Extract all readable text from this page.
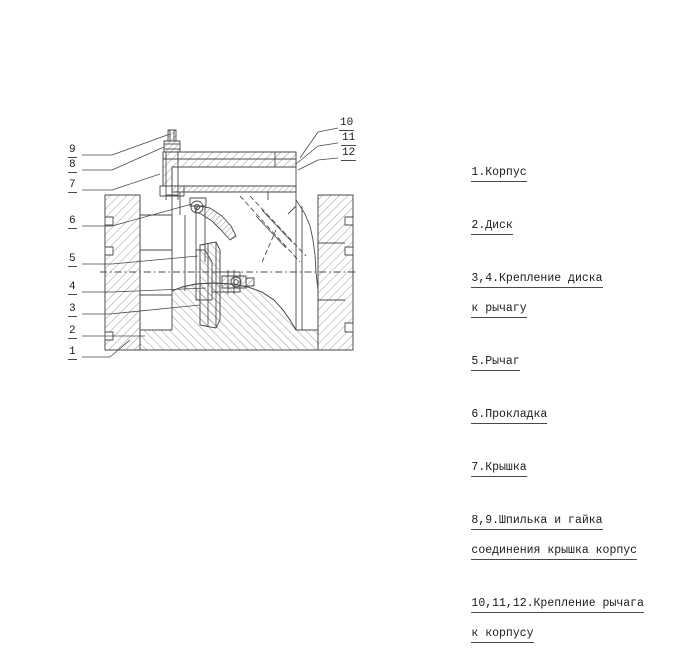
1
2
3
4
5
6
7
8
9
10
11
12

1.Корпус

2.Диск

3,4.Крепление диска

к рычагу

5.Рычаг

6.Прокладка

7.Крышка

8,9.Шпилька и гайка

соединения крышка корпус

10,11,12.Крепление рычага

к корпусу
